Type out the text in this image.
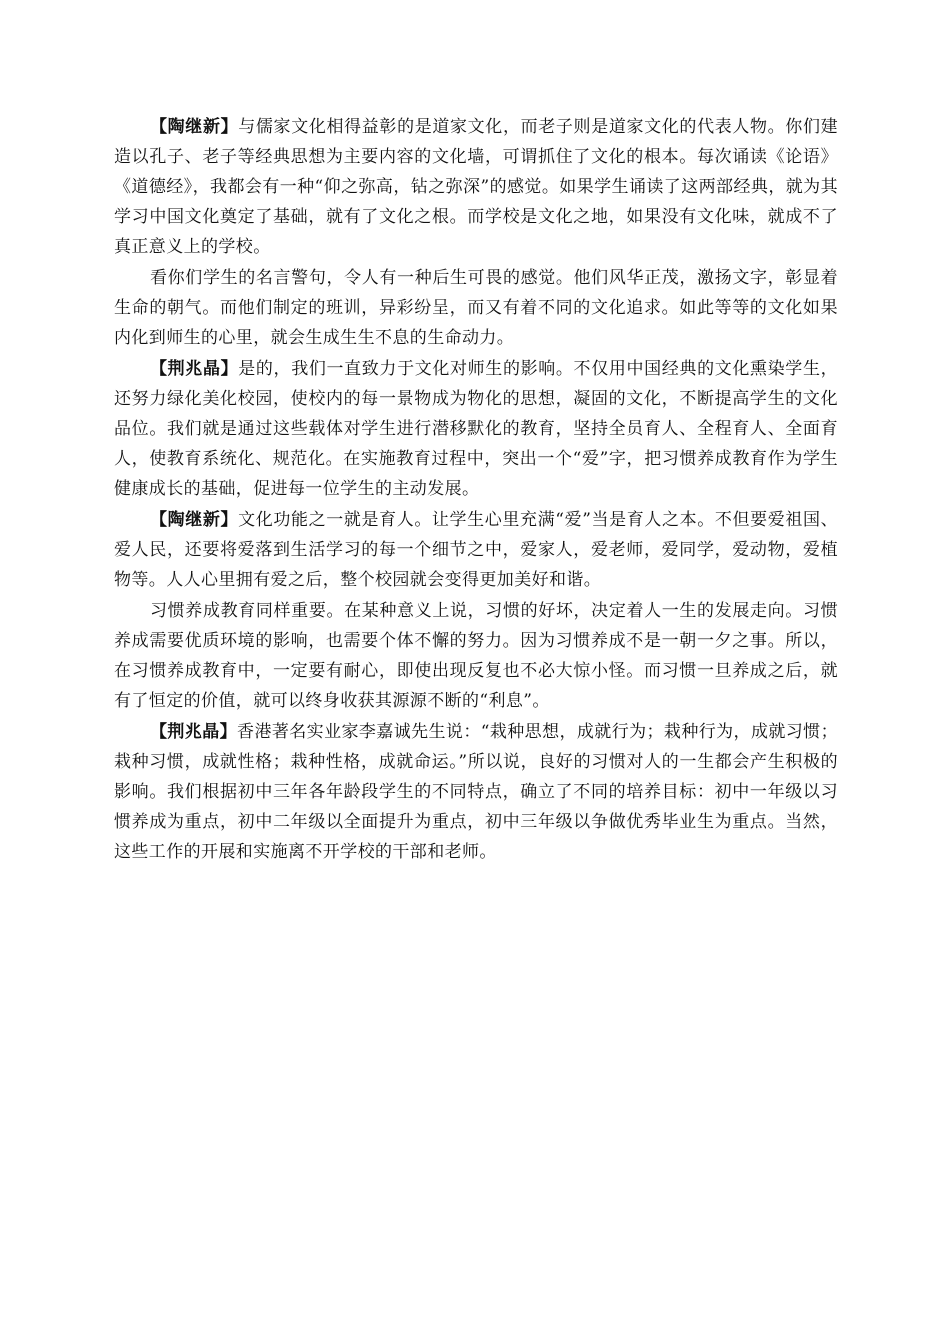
【陶继新】与儒家文化相得益彰的是道家文化，而老子则是道家文化的代表人物。你们建造以孔子、老子等经典思想为主要内容的文化墙，可谓抓住了文化的根本。每次诵读《论语》《道德经》，我都会有一种“仰之弥高，钻之弥深”的感觉。如果学生诵读了这两部经典，就为其学习中国文化奠定了基础，就有了文化之根。而学校是文化之地，如果没有文化味，就成不了真正意义上的学校。

看你们学生的名言警句，令人有一种后生可畏的感觉。他们风华正茂，激扬文字，彰显着生命的朝气。而他们制定的班训，异彩纷呈，而又有着不同的文化追求。如此等等的文化如果内化到师生的心里，就会生成生生不息的生命动力。

【荆兆晶】是的，我们一直致力于文化对师生的影响。不仅用中国经典的文化熏染学生，还努力绿化美化校园，使校内的每一景物成为物化的思想，凝固的文化，不断提高学生的文化品位。我们就是通过这些载体对学生进行潜移默化的教育，坚持全员育人、全程育人、全面育人，使教育系统化、规范化。在实施教育过程中，突出一个“爱”字，把习惯养成教育作为学生健康成长的基础，促进每一位学生的主动发展。

【陶继新】文化功能之一就是育人。让学生心里充满“爱”当是育人之本。不但要爱祖国、爱人民，还要将爱落到生活学习的每一个细节之中，爱家人，爱老师，爱同学，爱动物，爱植物等。人人心里拥有爱之后，整个校园就会变得更加美好和谐。

习惯养成教育同样重要。在某种意义上说，习惯的好坏，决定着人一生的发展走向。习惯养成需要优质环境的影响，也需要个体不懈的努力。因为习惯养成不是一朝一夕之事。所以，在习惯养成教育中，一定要有耐心，即使出现反复也不必大惊小怪。而习惯一旦养成之后，就有了恒定的价值，就可以终身收获其源源不断的“利息”。

【荆兆晶】香港著名实业家李嘉诚先生说：“栽种思想，成就行为；栽种行为，成就习惯；栽种习惯，成就性格；栽种性格，成就命运。”所以说，良好的习惯对人的一生都会产生积极的影响。我们根据初中三年各年龄段学生的不同特点，确立了不同的培养目标：初中一年级以习惯养成为重点，初中二年级以全面提升为重点，初中三年级以争做优秀毕业生为重点。当然，这些工作的开展和实施离不开学校的干部和老师。
